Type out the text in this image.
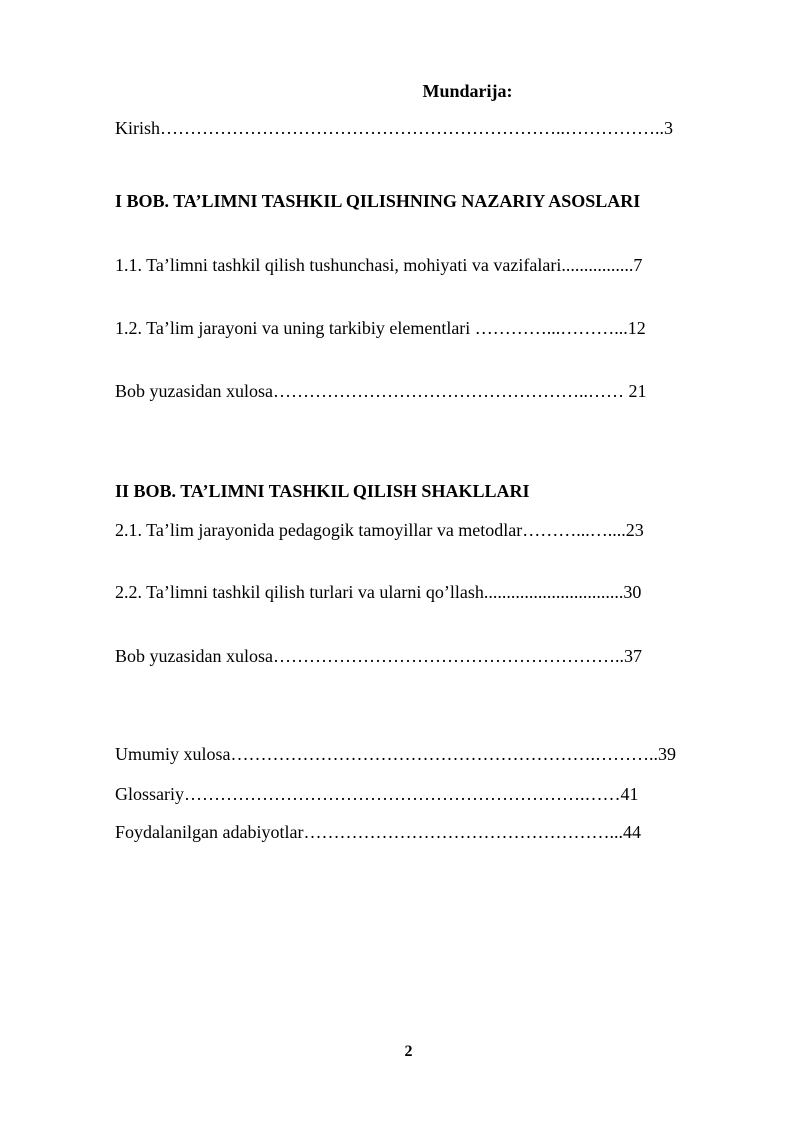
Mundarija:
Kirish…………………………………………………………..……………..3
I BOB. TA’LIMNI TASHKIL QILISHNING NAZARIY ASOSLARI
1.1. Ta’limni tashkil qilish tushunchasi, mohiyati va vazifalari................7
1.2. Ta’lim jarayoni va uning tarkibiy elementlari …………...………...12
Bob yuzasidan xulosa……………………………………………..…… 21
II BOB. TA’LIMNI TASHKIL QILISH SHAKLLARI
2.1. Ta’lim jarayonida pedagogik tamoyillar va metodlar………...…....23
2.2. Ta’limni tashkil qilish turlari va ularni qo’llash...............................30
Bob yuzasidan xulosa…………………………………………………..37
Umumiy xulosa…………………………………………………….………..39
Glossariy………………………………………………………….……41
Foydalanilgan adabiyotlar……………………………………………...44
2
